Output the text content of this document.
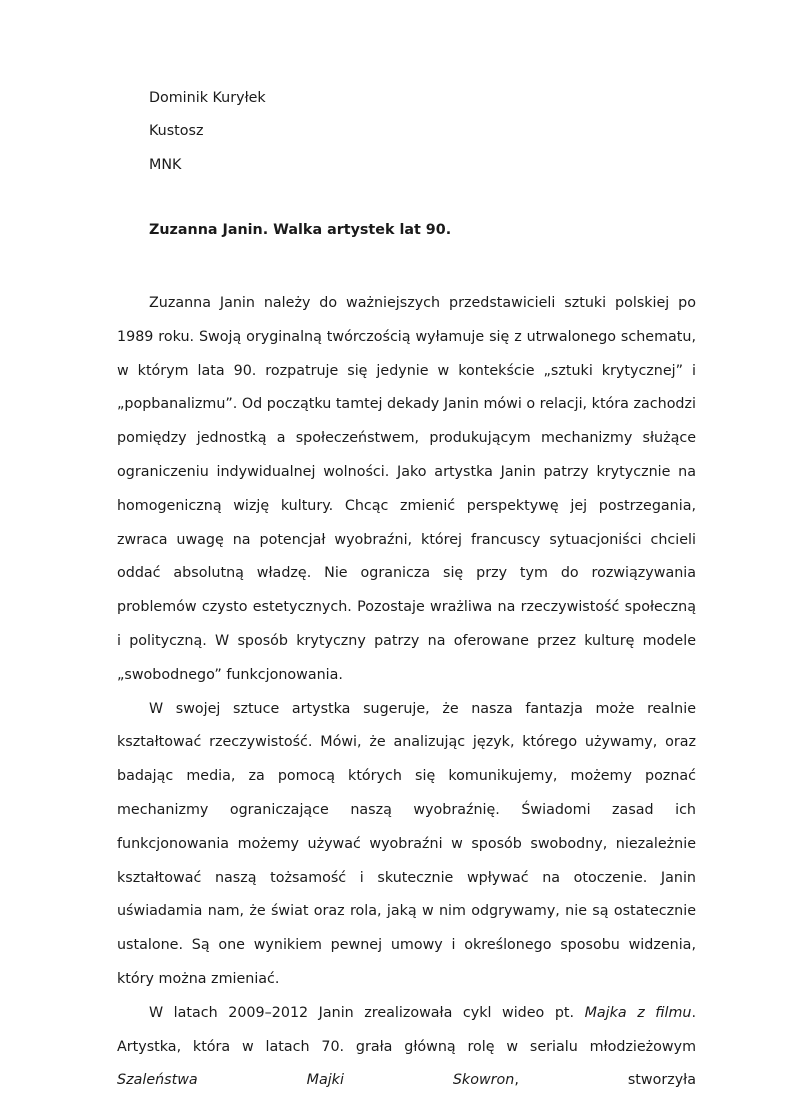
Dominik Kuryłek

Kustosz

MNK

Zuzanna Janin. Walka artystek lat 90.

Zuzanna Janin należy do ważniejszych przedstawicieli sztuki polskiej po 1989 roku. Swoją oryginalną twórczością wyłamuje się z utrwalonego schematu, w którym lata 90. rozpatruje się jedynie w kontekście „sztuki krytycznej” i „popbanalizmu”. Od początku tamtej dekady Janin mówi o relacji, która zachodzi pomiędzy jednostką a społeczeństwem, produkującym mechanizmy służące ograniczeniu indywidualnej wolności. Jako artystka Janin patrzy krytycznie na homogeniczną wizję kultury. Chcąc zmienić perspektywę jej postrzegania, zwraca uwagę na potencjał wyobraźni, której francuscy sytuacjoniści chcieli oddać absolutną władzę. Nie ogranicza się przy tym do rozwiązywania problemów czysto estetycznych. Pozostaje wrażliwa na rzeczywistość społeczną i polityczną. W sposób krytyczny patrzy na oferowane przez kulturę modele „swobodnego” funkcjonowania.

W swojej sztuce artystka sugeruje, że nasza fantazja może realnie kształtować rzeczywistość. Mówi, że analizując język, którego używamy, oraz badając media, za pomocą których się komunikujemy, możemy poznać mechanizmy ograniczające naszą wyobraźnię. Świadomi zasad ich funkcjonowania możemy używać wyobraźni w sposób swobodny, niezależnie kształtować naszą tożsamość i skutecznie wpływać na otoczenie. Janin uświadamia nam, że świat oraz rola, jaką w nim odgrywamy, nie są ostatecznie ustalone. Są one wynikiem pewnej umowy i określonego sposobu widzenia, który można zmieniać.

W latach 2009–2012 Janin zrealizowała cykl wideo pt. Majka z filmu. Artystka, która w latach 70. grała główną rolę w serialu młodzieżowym Szaleństwa Majki Skowron, stworzyła
